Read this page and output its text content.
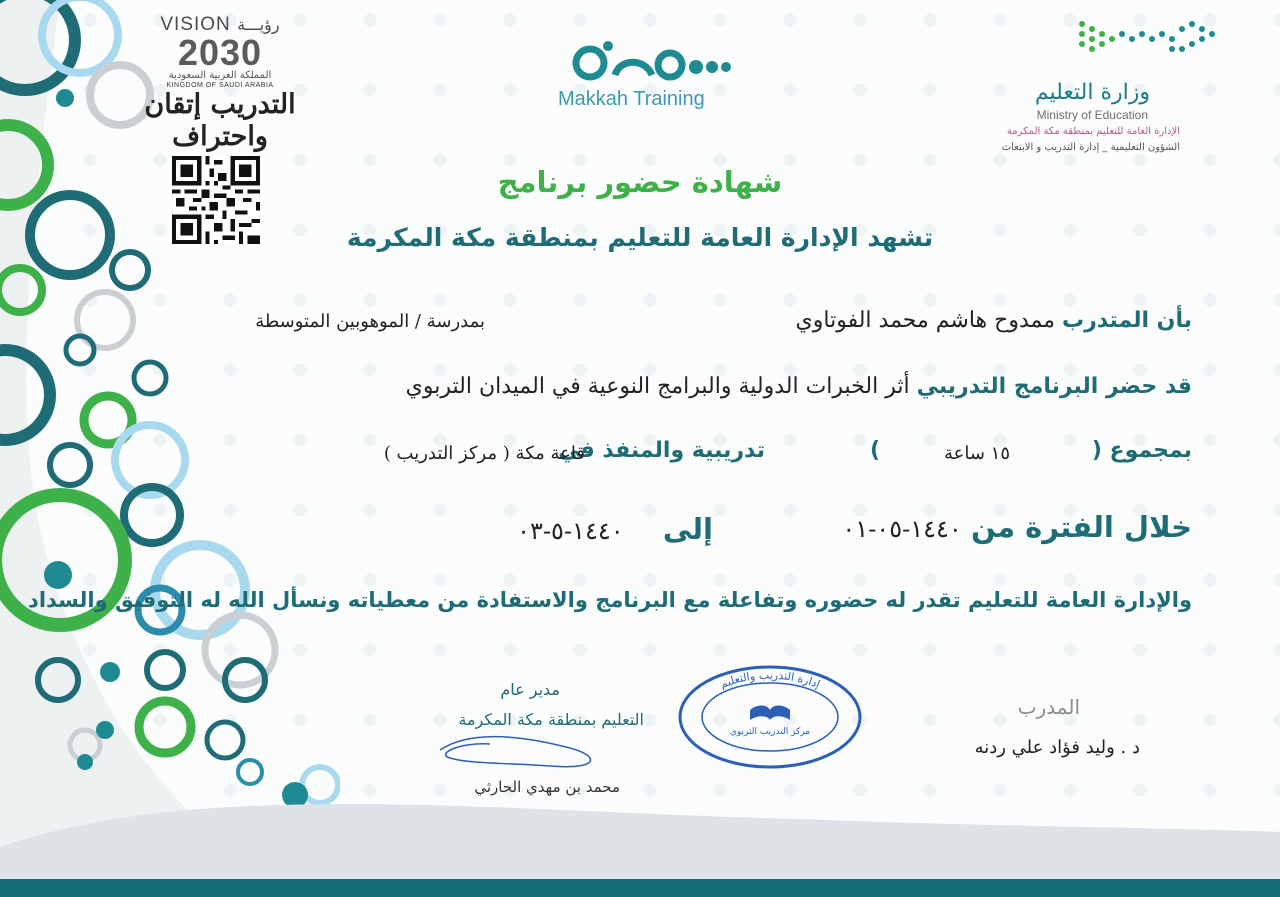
VISION رؤيـــة
2030
المملكة العربية السعودية
KINGDOM OF SAUDI ARABIA
التدريب إتقان واحتراف
Makkah Training	وزارة التعليم
Ministry of Education
الإدارة العامة للتعليم بمنطقة مكة المكرمة
الشؤون التعليمية _ إدارة التدريب و الابتعاث
شهادة حضور برنامج
تشهد الإدارة العامة للتعليم بمنطقة مكة المكرمة
بأن المتدرب ممدوح هاشم محمد الفوتاوي
بمدرسة / الموهوبين المتوسطة
قد حضر البرنامج التدريبي أثر الخبرات الدولية والبرامج النوعية في الميدان التربوي
بمجموع (
١٥ ساعة
)
تدريبية والمنفذ في
قاعة مكة ( مركز التدريب )
خلال الفترة من ١٤٤٠-٠٥-٠١
إلى ١٤٤٠-٥-٠٣
والإدارة العامة للتعليم تقدر له حضوره وتفاعلة مع البرنامج والاستفادة من معطياته ونسأل الله له التوفيق والسداد
مدير عام
التعليم بمنطقة مكة المكرمة
محمد بن مهدي الحارثي
إدارة التدريب والتعليم
مركز التدريب التربوي
المدرب
د . وليد فؤاد علي ردنه
